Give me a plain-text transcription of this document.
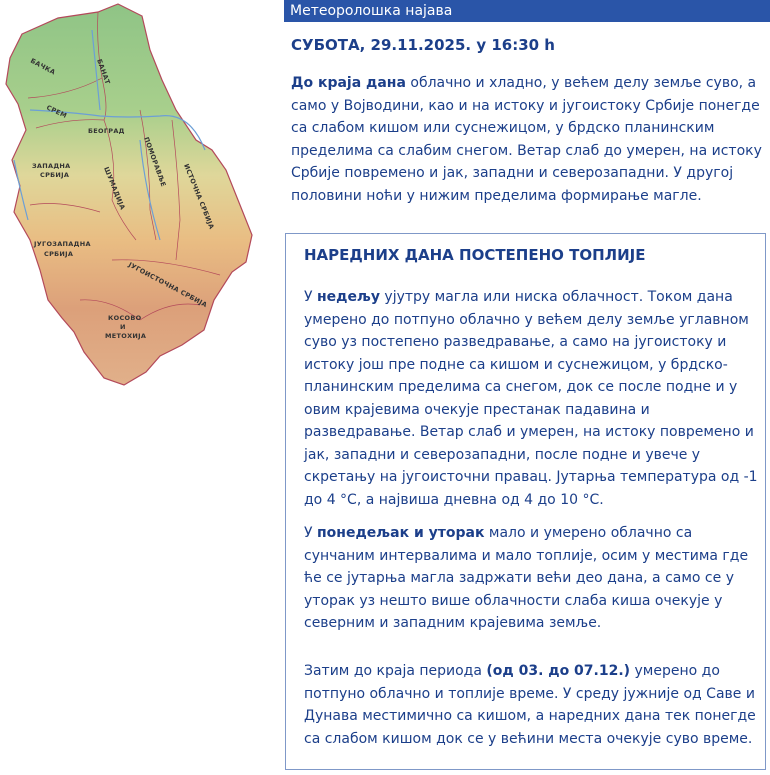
БАЧКА	БАНАТ
СРЕМ
БЕОГРАД
ЗАПАДНА
СРБИЈА	ШУМАДИЈА
ПОМОРАВЉЕ
ИСТОЧНА СРБИЈА
ЈУГОЗАПАДНА
СРБИЈА
ЈУГОИСТОЧНА СРБИЈА
КОСОВО
И
МЕТОХИЈА
Метеоролошка најава
СУБОТА, 29.11.2025. у 16:30 h

До краја дана облачно и хладно, у већем делу земље суво, а само у Војводини, као и на истоку и југоистоку Србије понегде са слабом кишом или суснежицом, у брдско планинским пределима са слабим снегом. Ветар слаб до умерен, на истоку Србије повремено и јак, западни и северозападни. У другој половини ноћи у нижим пределима формирање магле.

НАРЕДНИХ ДАНА ПОСТЕПЕНО ТОПЛИЈЕ

У недељу ујутру магла или ниска облачност. Током дана умерено до потпуно облачно у већем делу земље углавном суво уз постепено разведравање, а само на југоистоку и истоку још пре подне са кишом и суснежицом, у брдско-планинским пределима са снегом, док се после подне и у овим крајевима очекује престанак падавина и разведравање. Ветар слаб и умерен, на истоку повремено и јак, западни и северозападни, после подне и увече у скретању на југоисточни правац. Јутарња температура од -1 до 4 °C, а највиша дневна од 4 до 10 °C.

У понедељак и уторак мало и умерено облачно са сунчаним интервалима и мало топлије, осим у местима где ће се јутарња магла задржати већи део дана, а само се у уторак уз нешто више облачности слаба киша очекује у северним и западним крајевима земље.

Затим до краја периода (од 03. до 07.12.) умерено до потпуно облачно и топлије време. У среду јужније од Саве и Дунава местимично са кишом, а наредних дана тек понегде са слабом кишом док се у већини места очекује суво време.
